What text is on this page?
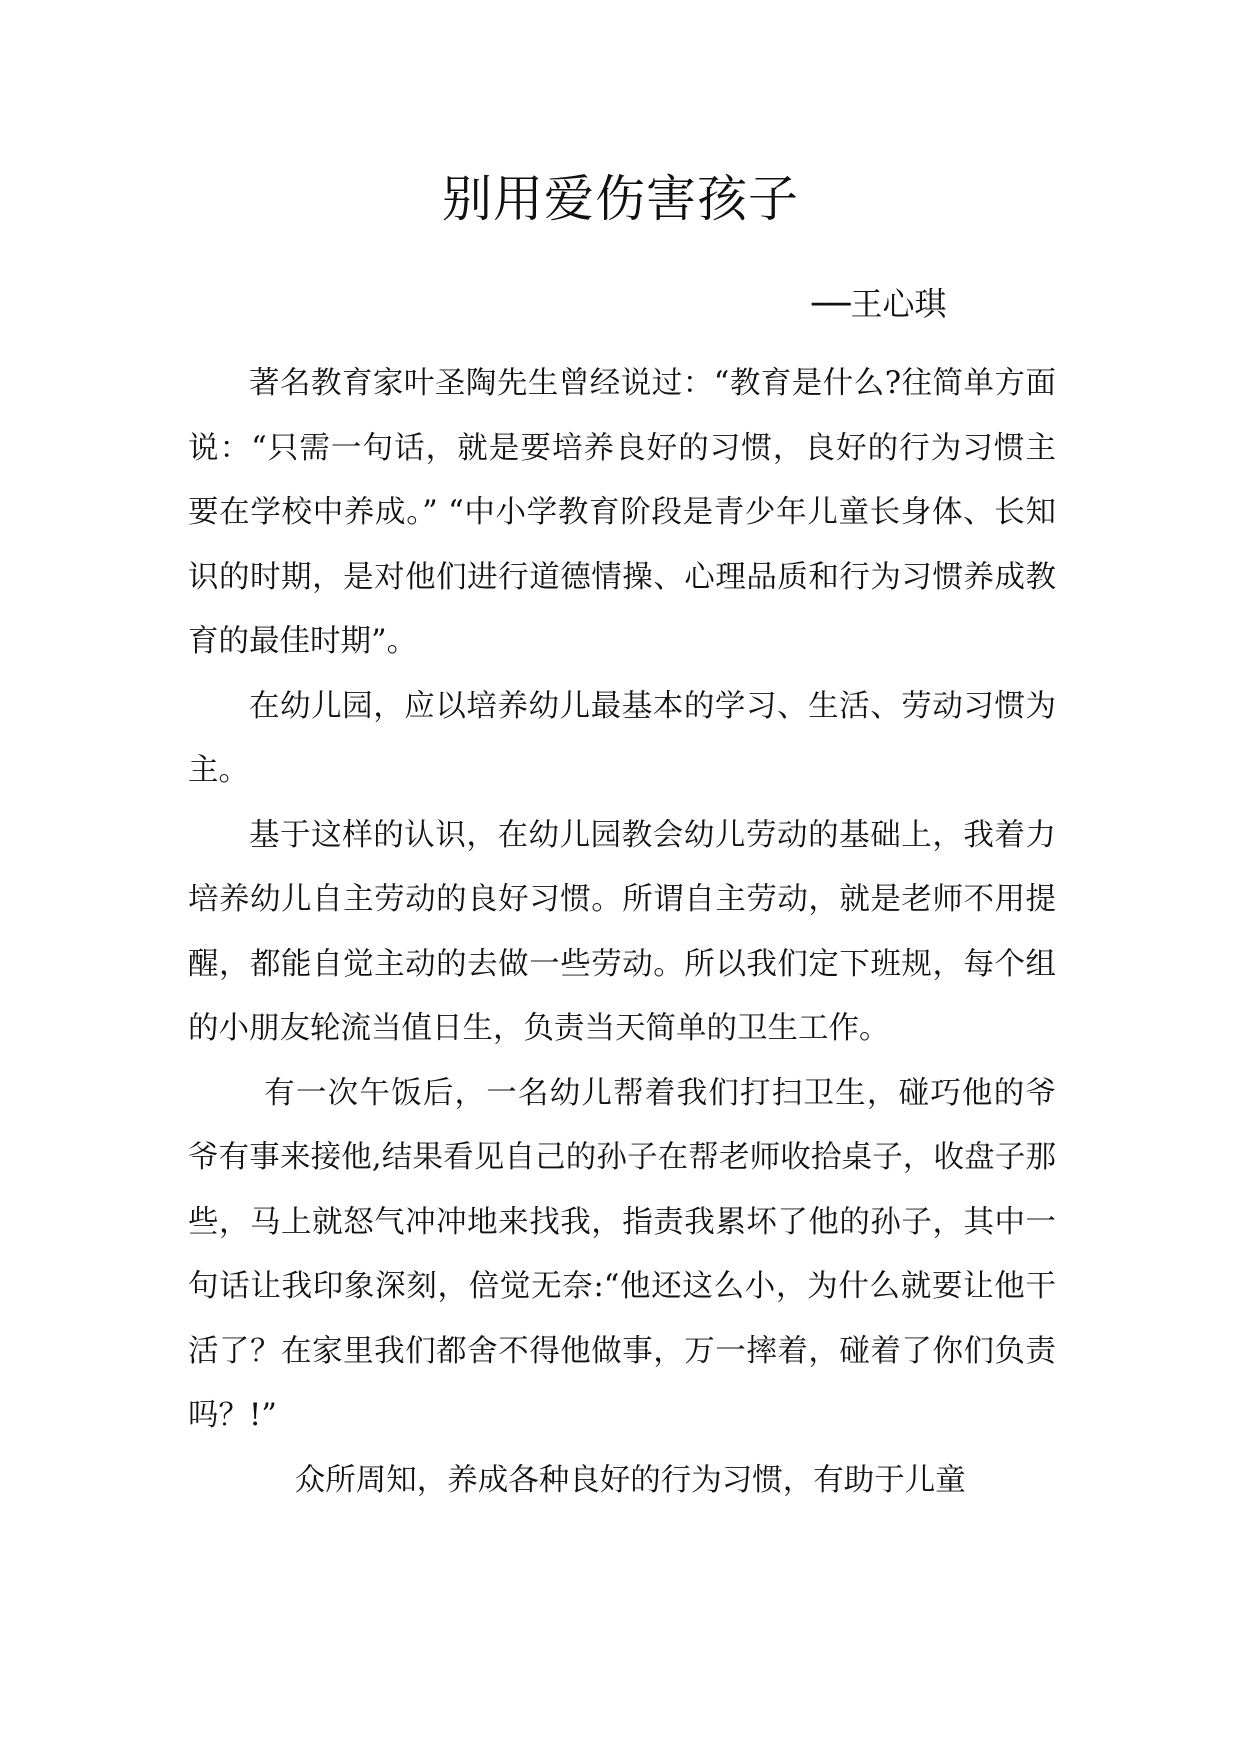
别用爱伤害孩子
──王心琪

著名教育家叶圣陶先生曾经说过：“教育是什么?往简单方面说：“只需一句话，就是要培养良好的习惯，良好的行为习惯主要在学校中养成。” “中小学教育阶段是青少年儿童长身体、长知识的时期，是对他们进行道德情操、心理品质和行为习惯养成教育的最佳时期”。

在幼儿园，应以培养幼儿最基本的学习、生活、劳动习惯为主。

基于这样的认识，在幼儿园教会幼儿劳动的基础上，我着力培养幼儿自主劳动的良好习惯。所谓自主劳动，就是老师不用提醒，都能自觉主动的去做一些劳动。所以我们定下班规，每个组的小朋友轮流当值日生，负责当天简单的卫生工作。

有一次午饭后，一名幼儿帮着我们打扫卫生，碰巧他的爷爷有事来接他,结果看见自己的孙子在帮老师收拾桌子，收盘子那些，马上就怒气冲冲地来找我，指责我累坏了他的孙子，其中一句话让我印象深刻，倍觉无奈:“他还这么小，为什么就要让他干活了？在家里我们都舍不得他做事，万一摔着，碰着了你们负责吗？!”

众所周知，养成各种良好的行为习惯，有助于儿童
